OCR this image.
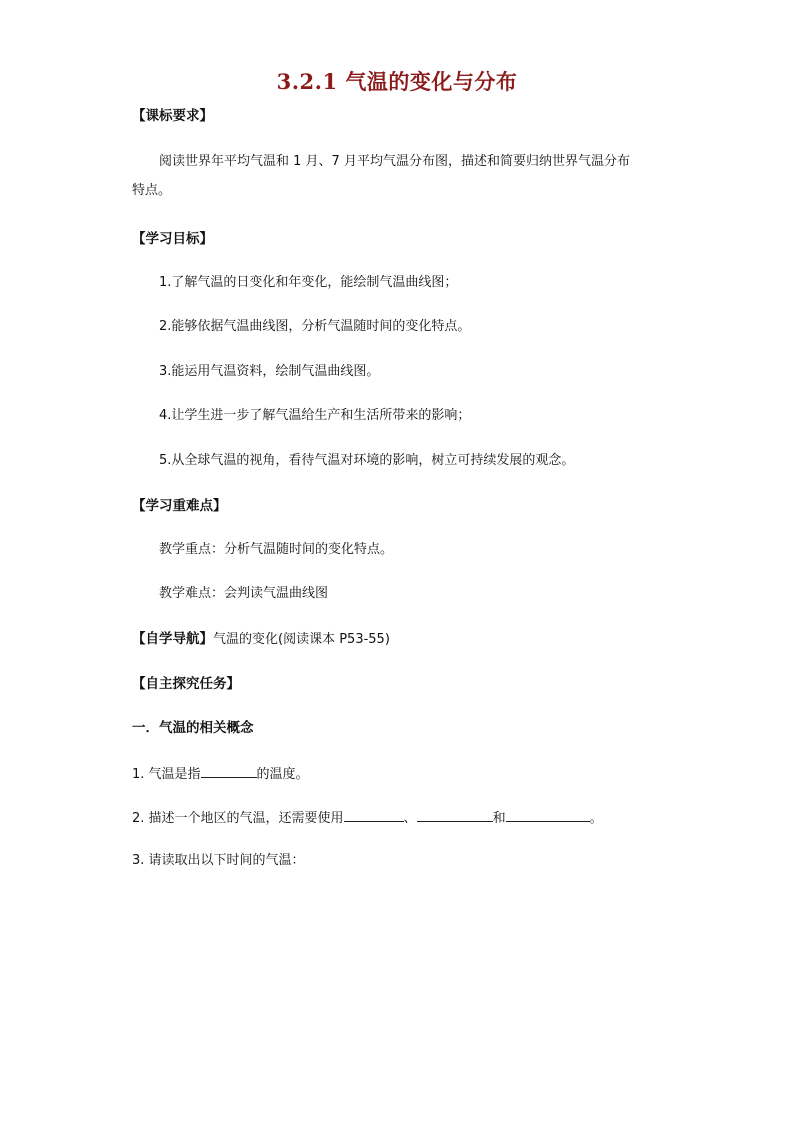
3.2.1 气温的变化与分布
【课标要求】
阅读世界年平均气温和 1 月、7 月平均气温分布图，描述和简要归纳世界气温分布
特点。
【学习目标】
1.了解气温的日变化和年变化，能绘制气温曲线图；
2.能够依据气温曲线图，分析气温随时间的变化特点。
3.能运用气温资料，绘制气温曲线图。
4.让学生进一步了解气温给生产和生活所带来的影响；
5.从全球气温的视角，看待气温对环境的影响，树立可持续发展的观念。
【学习重难点】
教学重点：分析气温随时间的变化特点。
教学难点：会判读气温曲线图
【自学导航】气温的变化(阅读课本 P53-55)
【自主探究任务】
一．气温的相关概念
1. 气温是指	的温度。
2. 描述一个地区的气温，还需要使用	、	和	。
3. 请读取出以下时间的气温：
